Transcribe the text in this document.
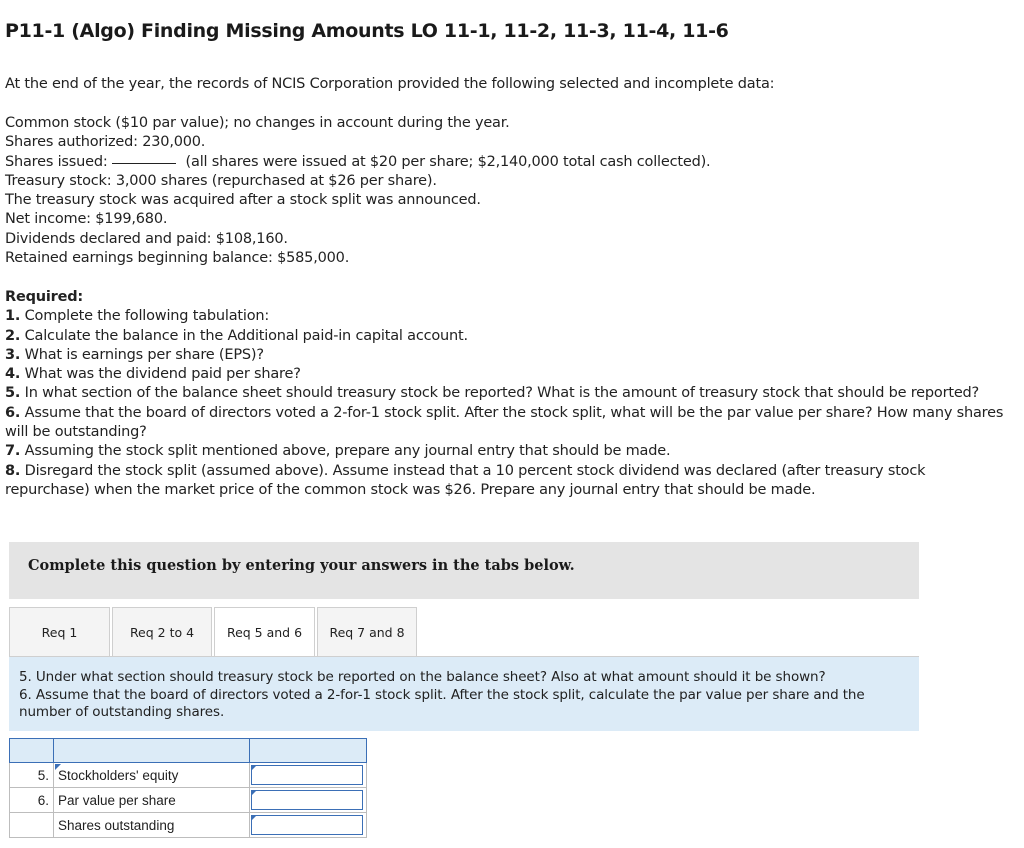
P11-1 (Algo) Finding Missing Amounts LO 11-1, 11-2, 11-3, 11-4, 11-6
At the end of the year, the records of NCIS Corporation provided the following selected and incomplete data:
Common stock ($10 par value); no changes in account during the year.
Shares authorized: 230,000.
Shares issued:	(all shares were issued at $20 per share; $2,140,000 total cash collected).
Treasury stock: 3,000 shares (repurchased at $26 per share).
The treasury stock was acquired after a stock split was announced.
Net income: $199,680.
Dividends declared and paid: $108,160.
Retained earnings beginning balance: $585,000.
Required:
1. Complete the following tabulation:
2. Calculate the balance in the Additional paid-in capital account.
3. What is earnings per share (EPS)?
4. What was the dividend paid per share?
5. In what section of the balance sheet should treasury stock be reported? What is the amount of treasury stock that should be reported?
6. Assume that the board of directors voted a 2-for-1 stock split. After the stock split, what will be the par value per share? How many shares will be outstanding?
7. Assuming the stock split mentioned above, prepare any journal entry that should be made.
8. Disregard the stock split (assumed above). Assume instead that a 10 percent stock dividend was declared (after treasury stock repurchase) when the market price of the common stock was $26. Prepare any journal entry that should be made.
Complete this question by entering your answers in the tabs below.
Req 1	Req 2 to 4	Req 5 and 6	Req 7 and 8
5. Under what section should treasury stock be reported on the balance sheet? Also at what amount should it be shown?
6. Assume that the board of directors voted a 2-for-1 stock split. After the stock split, calculate the par value per share and the number of outstanding shares.

5.	Stockholders' equity	

6.	Par value per share	

	Shares outstanding	
